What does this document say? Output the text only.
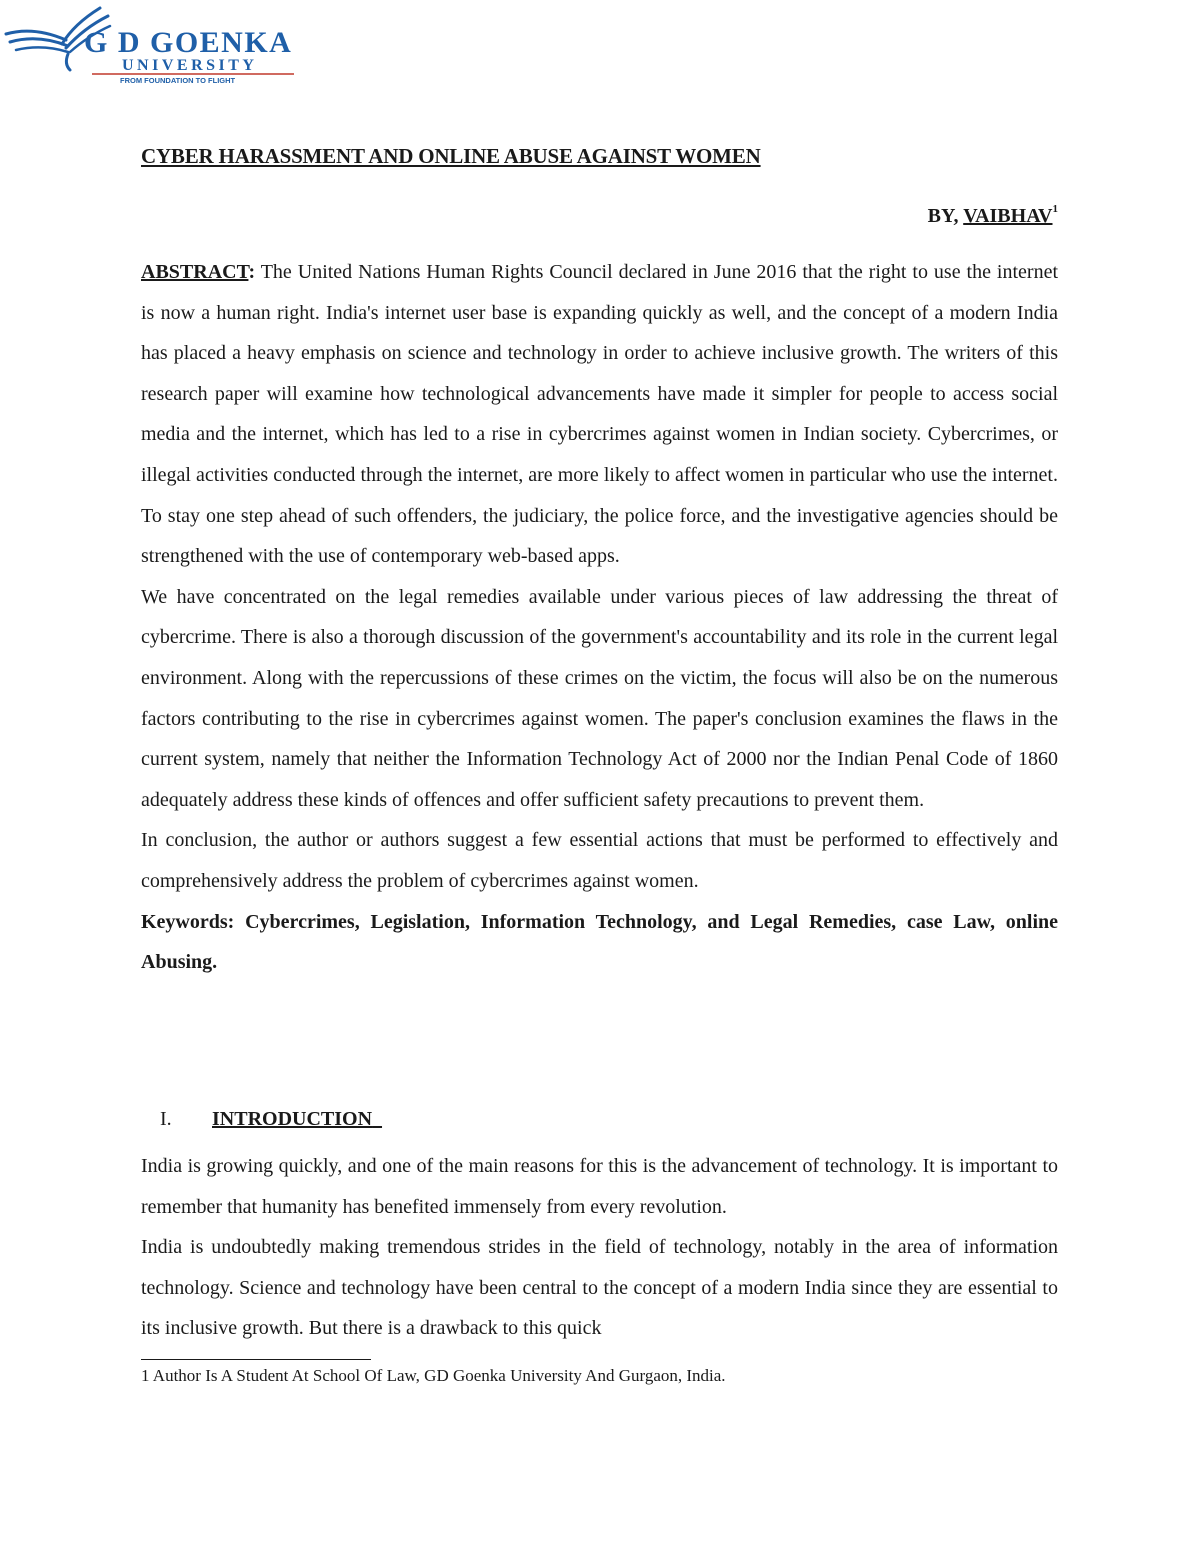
G D GOENKA
UNIVERSITY
FROM FOUNDATION TO FLIGHT
CYBER HARASSMENT AND ONLINE ABUSE AGAINST WOMEN
BY, VAIBHAV$^1$

ABSTRACT: The United Nations Human Rights Council declared in June 2016 that the right to use the internet is now a human right. India's internet user base is expanding quickly as well, and the concept of a modern India has placed a heavy emphasis on science and technology in order to achieve inclusive growth. The writers of this research paper will examine how technological advancements have made it simpler for people to access social media and the internet, which has led to a rise in cybercrimes against women in Indian society. Cybercrimes, or illegal activities conducted through the internet, are more likely to affect women in particular who use the internet. To stay one step ahead of such offenders, the judiciary, the police force, and the investigative agencies should be strengthened with the use of contemporary web-based apps.

We have concentrated on the legal remedies available under various pieces of law addressing the threat of cybercrime. There is also a thorough discussion of the government's accountability and its role in the current legal environment. Along with the repercussions of these crimes on the victim, the focus will also be on the numerous factors contributing to the rise in cybercrimes against women. The paper's conclusion examines the flaws in the current system, namely that neither the Information Technology Act of 2000 nor the Indian Penal Code of 1860 adequately address these kinds of offences and offer sufficient safety precautions to prevent them.

In conclusion, the author or authors suggest a few essential actions that must be performed to effectively and comprehensively address the problem of cybercrimes against women.

Keywords: Cybercrimes, Legislation, Information Technology, and Legal Remedies, case Law, online Abusing.

I. INTRODUCTION

India is growing quickly, and one of the main reasons for this is the advancement of technology. It is important to remember that humanity has benefited immensely from every revolution.

India is undoubtedly making tremendous strides in the field of technology, notably in the area of information technology. Science and technology have been central to the concept of a modern India since they are essential to its inclusive growth. But there is a drawback to this quick

1 Author Is A Student At School Of Law, GD Goenka University And Gurgaon, India.
